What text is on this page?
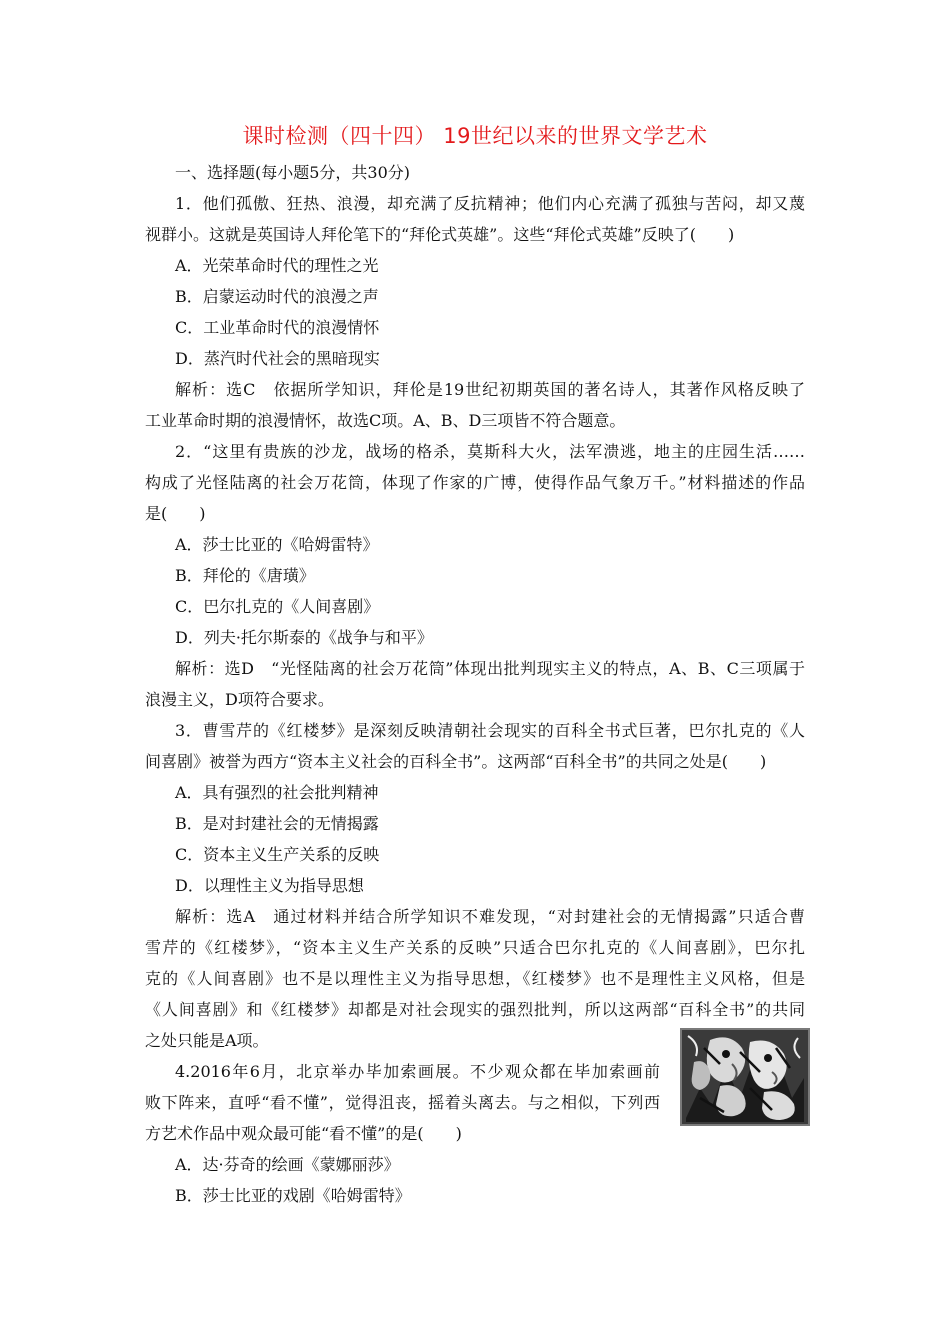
课时检测（四十四） 19世纪以来的世界文学艺术
一、选择题(每小题5分，共30分)
1．他们孤傲、狂热、浪漫，却充满了反抗精神；他们内心充满了孤独与苦闷，却又蔑
视群小。这就是英国诗人拜伦笔下的“拜伦式英雄”。这些“拜伦式英雄”反映了(　　)
A．光荣革命时代的理性之光
B．启蒙运动时代的浪漫之声
C．工业革命时代的浪漫情怀
D．蒸汽时代社会的黑暗现实
解析：选C　依据所学知识，拜伦是19世纪初期英国的著名诗人，其著作风格反映了
工业革命时期的浪漫情怀，故选C项。A、B、D三项皆不符合题意。
2．“这里有贵族的沙龙，战场的格杀，莫斯科大火，法军溃逃，地主的庄园生活……
构成了光怪陆离的社会万花筒，体现了作家的广博，使得作品气象万千。”材料描述的作品
是(　　)
A．莎士比亚的《哈姆雷特》
B．拜伦的《唐璜》
C．巴尔扎克的《人间喜剧》
D．列夫·托尔斯泰的《战争与和平》
解析：选D　“光怪陆离的社会万花筒”体现出批判现实主义的特点，A、B、C三项属于
浪漫主义，D项符合要求。
3．曹雪芹的《红楼梦》是深刻反映清朝社会现实的百科全书式巨著，巴尔扎克的《人
间喜剧》被誉为西方“资本主义社会的百科全书”。这两部“百科全书”的共同之处是(　　)
A．具有强烈的社会批判精神
B．是对封建社会的无情揭露
C．资本主义生产关系的反映
D．以理性主义为指导思想
解析：选A　通过材料并结合所学知识不难发现，“对封建社会的无情揭露”只适合曹
雪芹的《红楼梦》，“资本主义生产关系的反映”只适合巴尔扎克的《人间喜剧》，巴尔扎
克的《人间喜剧》也不是以理性主义为指导思想，《红楼梦》也不是理性主义风格，但是
《人间喜剧》和《红楼梦》却都是对社会现实的强烈批判，所以这两部“百科全书”的共同
之处只能是A项。
4.2016年6月，北京举办毕加索画展。不少观众都在毕加索画前
败下阵来，直呼“看不懂”，觉得沮丧，摇着头离去。与之相似，下列西
方艺术作品中观众最可能“看不懂”的是(　　)
A．达·芬奇的绘画《蒙娜丽莎》
B．莎士比亚的戏剧《哈姆雷特》
